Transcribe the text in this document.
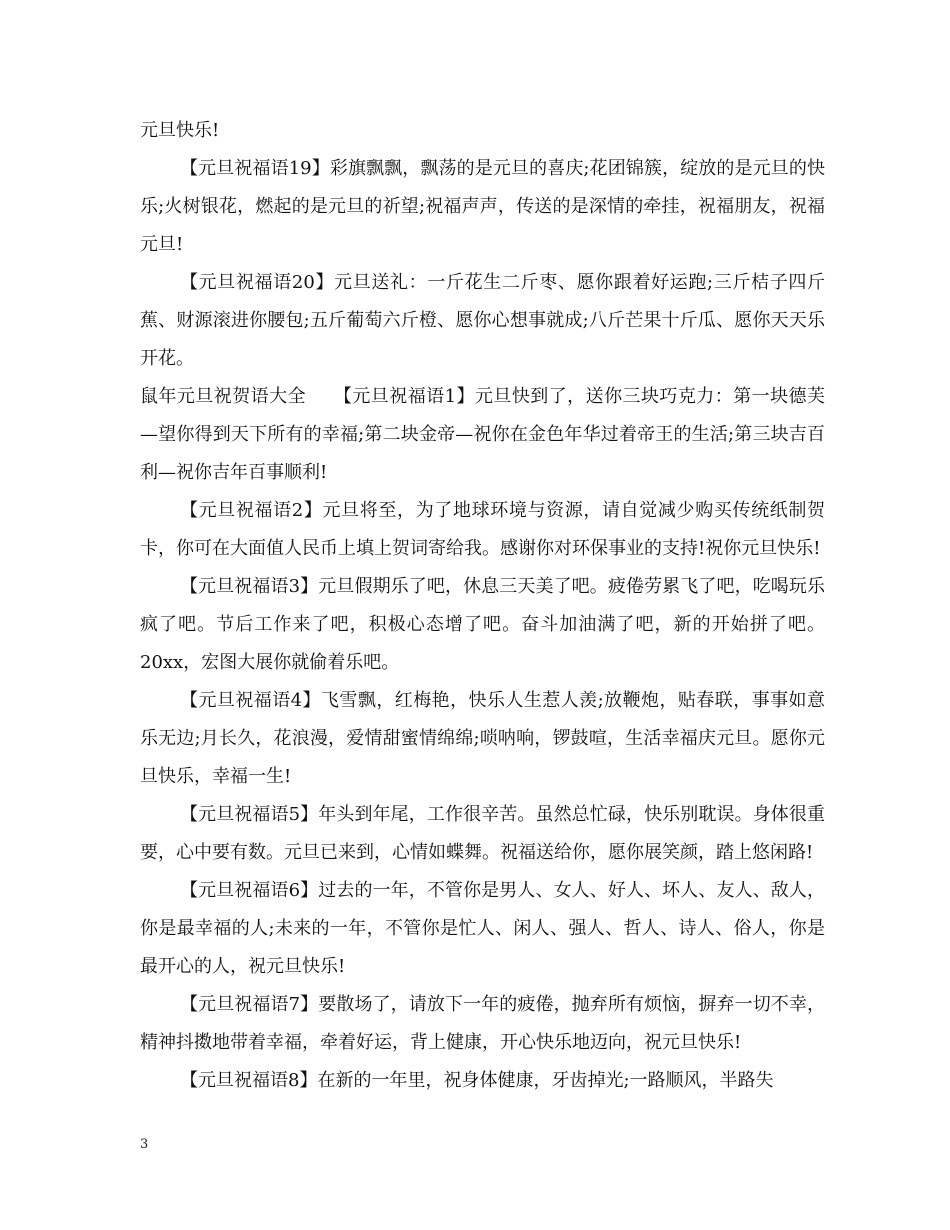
元旦快乐!

【元旦祝福语19】彩旗飘飘，飘荡的是元旦的喜庆;花团锦簇，绽放的是元旦的快乐;火树银花，燃起的是元旦的祈望;祝福声声，传送的是深情的牵挂，祝福朋友，祝福元旦!

【元旦祝福语20】元旦送礼：一斤花生二斤枣、愿你跟着好运跑;三斤桔子四斤蕉、财源滚进你腰包;五斤葡萄六斤橙、愿你心想事就成;八斤芒果十斤瓜、愿你天天乐开花。

鼠年元旦祝贺语大全　　【元旦祝福语1】元旦快到了，送你三块巧克力：第一块德芙—望你得到天下所有的幸福;第二块金帝—祝你在金色年华过着帝王的生活;第三块吉百利—祝你吉年百事顺利!

【元旦祝福语2】元旦将至，为了地球环境与资源，请自觉减少购买传统纸制贺卡，你可在大面值人民币上填上贺词寄给我。感谢你对环保事业的支持!祝你元旦快乐!

【元旦祝福语3】元旦假期乐了吧，休息三天美了吧。疲倦劳累飞了吧，吃喝玩乐疯了吧。节后工作来了吧，积极心态增了吧。奋斗加油满了吧，新的开始拼了吧。20xx，宏图大展你就偷着乐吧。

【元旦祝福语4】飞雪飘，红梅艳，快乐人生惹人羡;放鞭炮，贴春联，事事如意乐无边;月长久，花浪漫，爱情甜蜜情绵绵;唢呐响，锣鼓喧，生活幸福庆元旦。愿你元旦快乐，幸福一生!

【元旦祝福语5】年头到年尾，工作很辛苦。虽然总忙碌，快乐别耽误。身体很重要，心中要有数。元旦已来到，心情如蝶舞。祝福送给你，愿你展笑颜，踏上悠闲路!

【元旦祝福语6】过去的一年，不管你是男人、女人、好人、坏人、友人、敌人，你是最幸福的人;未来的一年，不管你是忙人、闲人、强人、哲人、诗人、俗人，你是最开心的人，祝元旦快乐!

【元旦祝福语7】要散场了，请放下一年的疲倦，抛弃所有烦恼，摒弃一切不幸，精神抖擞地带着幸福，牵着好运，背上健康，开心快乐地迈向，祝元旦快乐!

【元旦祝福语8】在新的一年里，祝身体健康，牙齿掉光;一路顺风，半路失

3
